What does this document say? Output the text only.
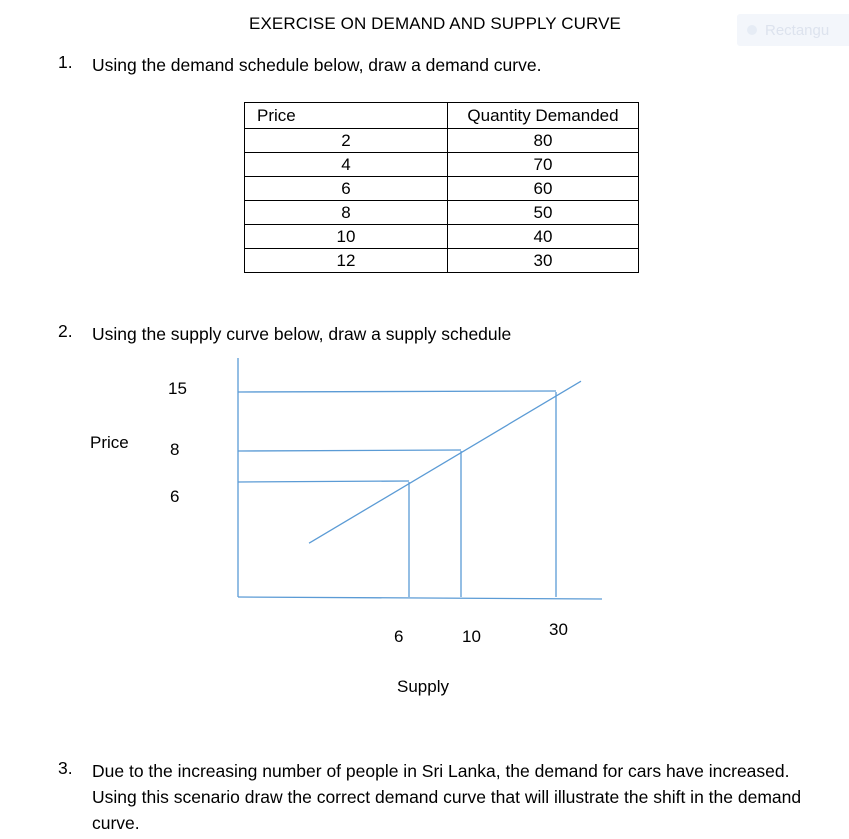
EXERCISE ON DEMAND AND SUPPLY CURVE	Rectangu
1.	Using the demand schedule below, draw a demand curve.
Price	Quantity Demanded
2	80
4	70
6	60
8	50
10	40
12	30
2.	Using the supply curve below, draw a supply schedule
Price
15
8
6
6	10	30
Supply
3.	Due to the increasing number of people in Sri Lanka, the demand for cars have increased. Using this scenario draw the correct demand curve that will illustrate the shift in the demand curve.
